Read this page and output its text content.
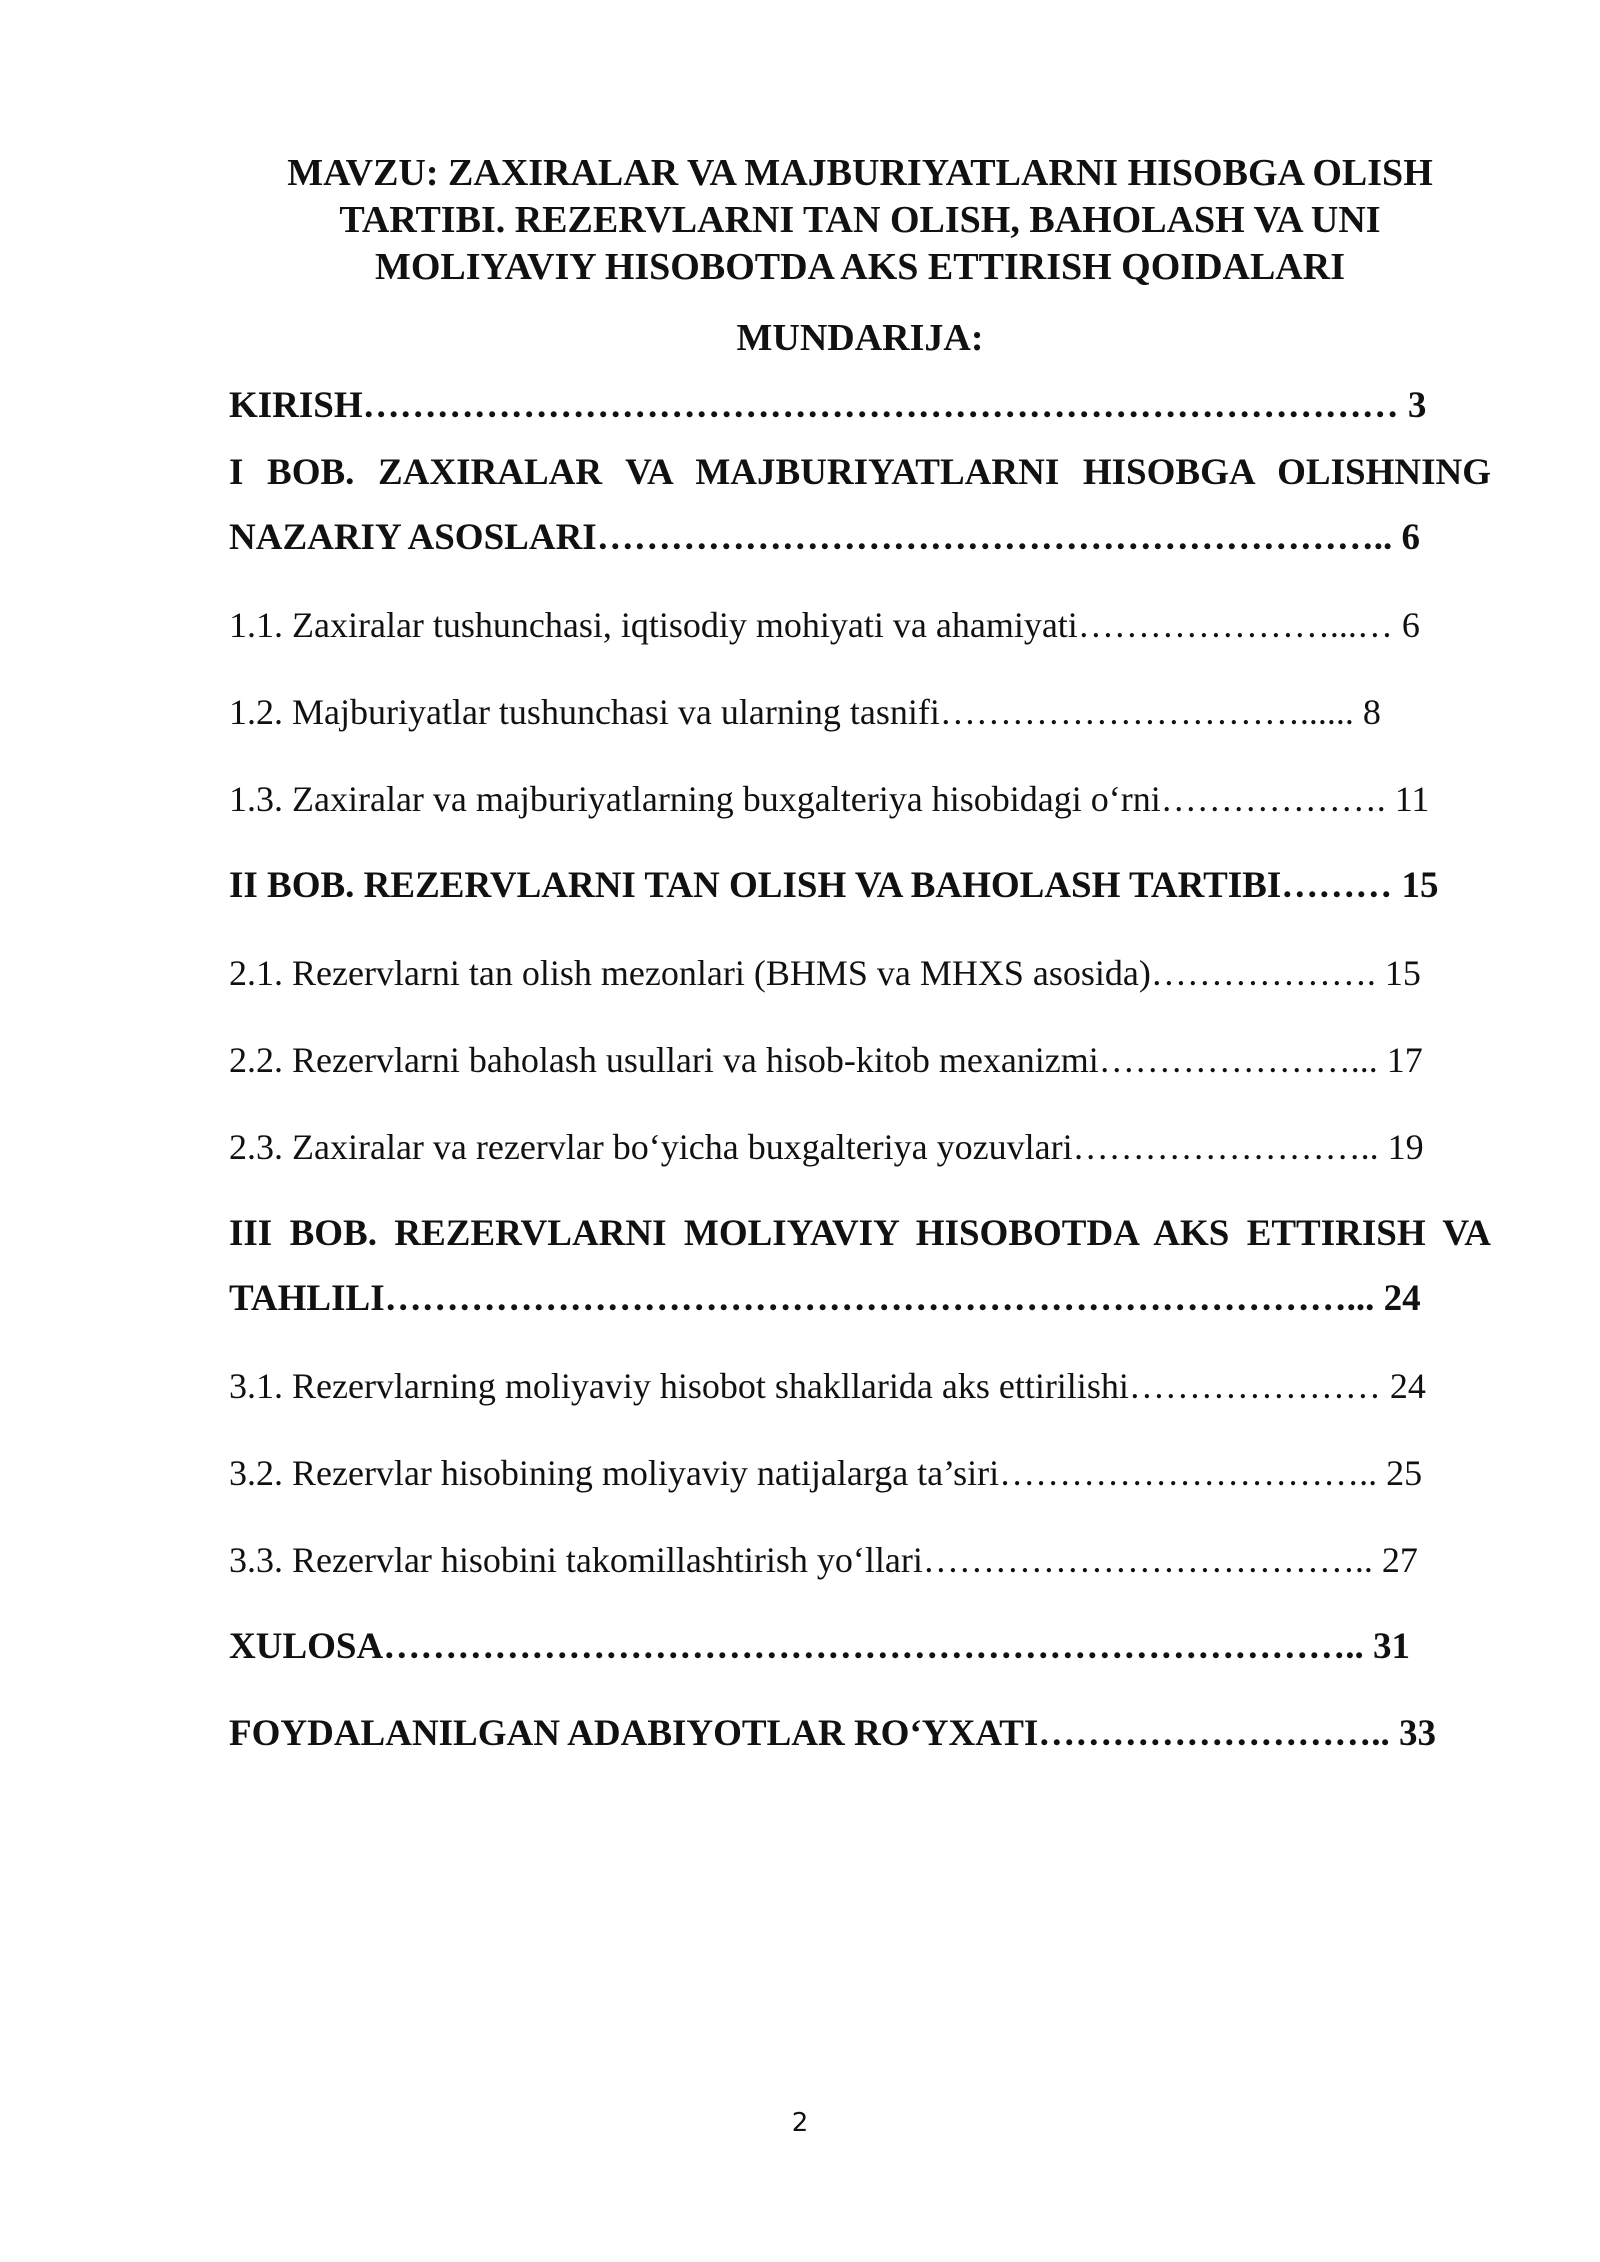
MAVZU: ZAXIRALAR VA MAJBURIYATLARNI HISOBGA OLISH
TARTIBI. REZERVLARNI TAN OLISH, BAHOLASH VA UNI
MOLIYAVIY HISOBOTDA AKS ETTIRISH QOIDALARI
MUNDARIJA:
KIRISH………………………………………………………………………… 3
I BOB. ZAXIRALAR VA MAJBURIYATLARNI HISOBGA OLISHNING
NAZARIY ASOSLARI……………………………………………………….. 6
1.1. Zaxiralar tushunchasi, iqtisodiy mohiyati va ahamiyati…………………...… 6
1.2. Majburiyatlar tushunchasi va ularning tasnifi…………………………...... 8
1.3. Zaxiralar va majburiyatlarning buxgalteriya hisobidagi o‘rni………………. 11
II BOB. REZERVLARNI TAN OLISH VA BAHOLASH TARTIBI……… 15
2.1. Rezervlarni tan olish mezonlari (BHMS va MHXS asosida)………………. 15
2.2. Rezervlarni baholash usullari va hisob-kitob mexanizmi…………………... 17
2.3. Zaxiralar va rezervlar bo‘yicha buxgalteriya yozuvlari…………………….. 19
III BOB. REZERVLARNI MOLIYAVIY HISOBOTDA AKS ETTIRISH VA
TAHLILI……………………………………………………………………... 24
3.1. Rezervlarning moliyaviy hisobot shakllarida aks ettirilishi………………… 24
3.2. Rezervlar hisobining moliyaviy natijalarga ta’siri………………………….. 25
3.3. Rezervlar hisobini takomillashtirish yo‘llari……………………………….. 27
XULOSA…………………………………………………………………….. 31
FOYDALANILGAN ADABIYOTLAR RO‘YXATI……………………….. 33
2
